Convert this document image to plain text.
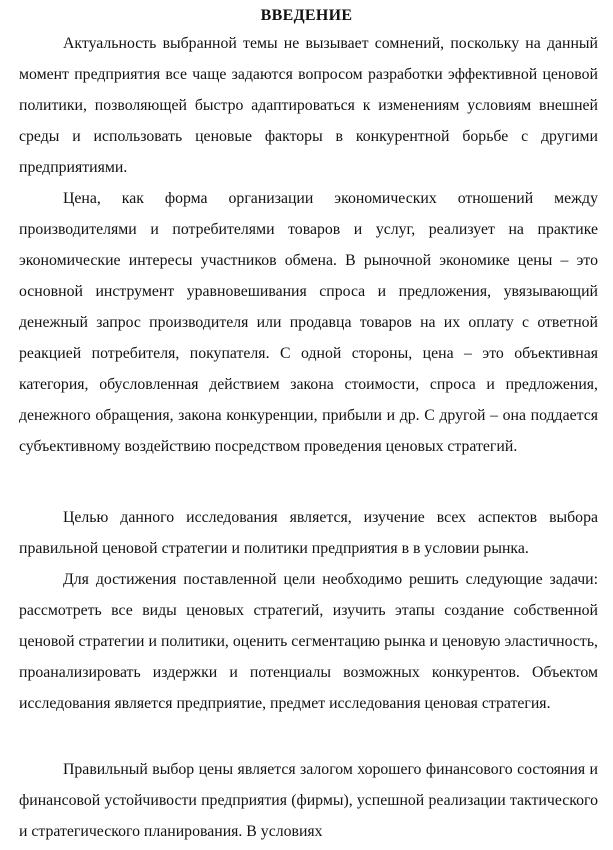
ВВЕДЕНИЕ

Актуальность выбранной темы не вызывает сомнений, поскольку на данный момент предприятия все чаще задаются вопросом разработки эффективной ценовой политики, позволяющей быстро адаптироваться к изменениям условиям внешней среды и использовать ценовые факторы в конкурентной борьбе с другими предприятиями.

Цена, как форма организации экономических отношений между производителями и потребителями товаров и услуг, реализует на практике экономические интересы участников обмена. В рыночной экономике цены – это основной инструмент уравновешивания спроса и предложения, увязывающий денежный запрос производителя или продавца товаров на их оплату с ответной реакцией потребителя, покупателя. С одной стороны, цена – это объективная категория, обусловленная действием закона стоимости, спроса и предложения, денежного обращения, закона конкуренции, прибыли и др. С другой – она поддается субъективному воздействию посредством проведения ценовых стратегий.

Целью данного исследования является, изучение всех аспектов выбора правильной ценовой стратегии и политики предприятия в в условии рынка.

Для достижения поставленной цели необходимо решить следующие задачи: рассмотреть все виды ценовых стратегий, изучить этапы создание собственной ценовой стратегии и политики, оценить сегментацию рынка и ценовую эластичность, проанализировать издержки и потенциалы возможных конкурентов. Объектом исследования является предприятие, предмет исследования ценовая стратегия.

Правильный выбор цены является залогом хорошего финансового состояния и финансовой устойчивости предприятия (фирмы), успешной реализации тактического и стратегического планирования. В условиях
